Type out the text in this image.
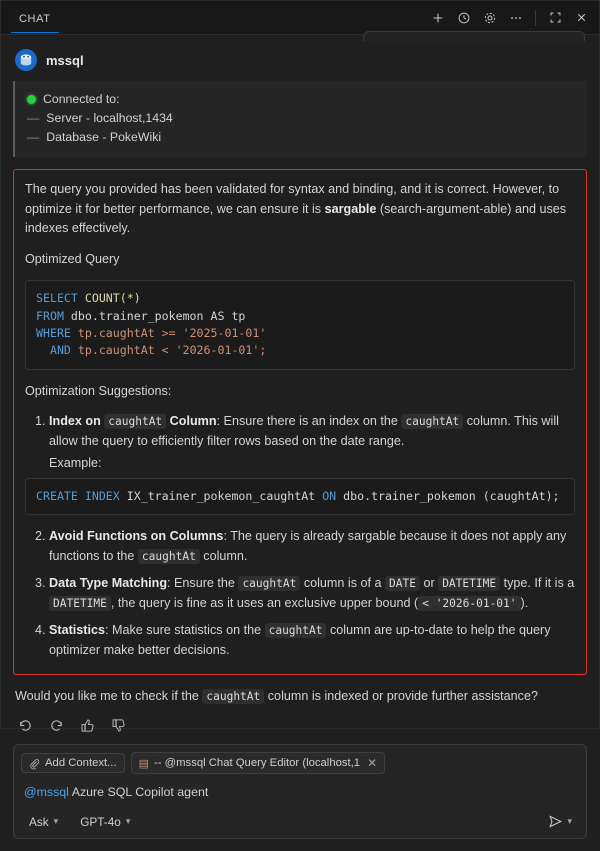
CHAT
mssql
Connected to:
— Server - localhost,1434
— Database - PokeWiki

The query you provided has been validated for syntax and binding, and it is correct. However, to optimize it for better performance, we can ensure it is sargable (search-argument-able) and uses indexes effectively.

Optimized Query

SELECT COUNT(*)
FROM dbo.trainer_pokemon AS tp
WHERE tp.caughtAt >= '2025-01-01'
AND tp.caughtAt < '2026-01-01';

Optimization Suggestions:

1. Index on caughtAt Column: Ensure there is an index on the caughtAt column. This will allow the query to efficiently filter rows based on the date range.
Example:
CREATE INDEX IX_trainer_pokemon_caughtAt ON dbo.trainer_pokemon (caughtAt);
2. Avoid Functions on Columns: The query is already sargable because it does not apply any functions to the caughtAt column.
3. Data Type Matching: Ensure the caughtAt column is of a DATE or DATETIME type. If it is a DATETIME , the query is fine as it uses an exclusive upper bound ( < '2026-01-01' ).
4. Statistics: Make sure statistics on the caughtAt column are up-to-date to help the query optimizer make better decisions.
Would you like me to check if the caughtAt column is indexed or provide further assistance?
Add Context... ▤ -- @mssql Chat Query Editor (localhost,1 ✕
@mssql Azure SQL Copilot agent
Ask ▾ GPT-4o ▾	▾
